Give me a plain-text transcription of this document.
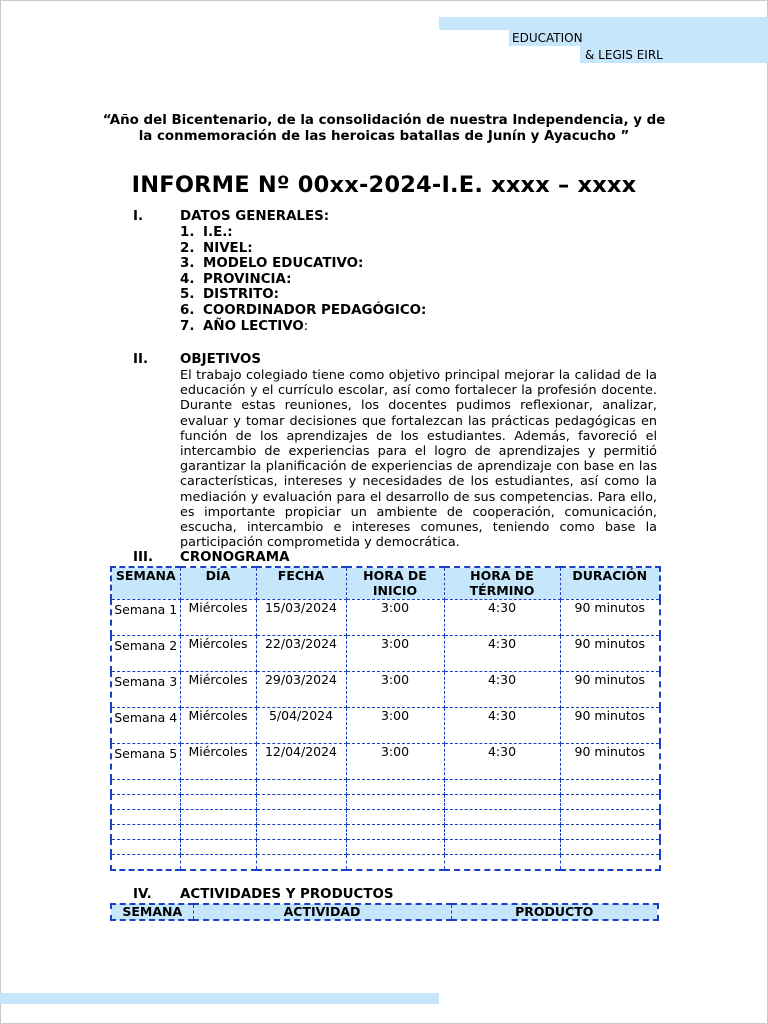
EDUCATION
& LEGIS EIRL
“Año del Bicentenario, de la consolidación de nuestra Independencia, y de la conmemoración de las heroicas batallas de Junín y Ayacucho ”
INFORME Nº 00xx-2024-I.E. xxxx – xxxx
I.	DATOS GENERALES:
1. I.E.:
2. NIVEL:
3. MODELO EDUCATIVO:
4. PROVINCIA:
5. DISTRITO:
6. COORDINADOR PEDAGÓGICO:
7. AÑO LECTIVO:
II. OBJETIVOS

El trabajo colegiado tiene como objetivo principal mejorar la calidad de la educación y el currículo escolar, así como fortalecer la profesión docente. Durante estas reuniones, los docentes pudimos reflexionar, analizar, evaluar y tomar decisiones que fortalezcan las prácticas pedagógicas en función de los aprendizajes de los estudiantes. Además, favoreció el intercambio de experiencias para el logro de aprendizajes y permitió garantizar la planificación de experiencias de aprendizaje con base en las características, intereses y necesidades de los estudiantes, así como la mediación y evaluación para el desarrollo de sus competencias. Para ello, es importante propiciar un ambiente de cooperación, comunicación, escucha, intercambio e intereses comunes, teniendo como base la participación comprometida y democrática.

III. CRONOGRAMA
SEMANA	DÍA	FECHA	HORA DE INICIO	HORA DE TÉRMINO	DURACIÓN
Semana 1	Miércoles	15/03/2024	3:00	4:30	90 minutos
Semana 2	Miércoles	22/03/2024	3:00	4:30	90 minutos
Semana 3	Miércoles	29/03/2024	3:00	4:30	90 minutos
Semana 4	Miércoles	5/04/2024	3:00	4:30	90 minutos
Semana 5	Miércoles	12/04/2024	3:00	4:30	90 minutos

IV. ACTIVIDADES Y PRODUCTOS
SEMANA	ACTIVIDAD	PRODUCTO
